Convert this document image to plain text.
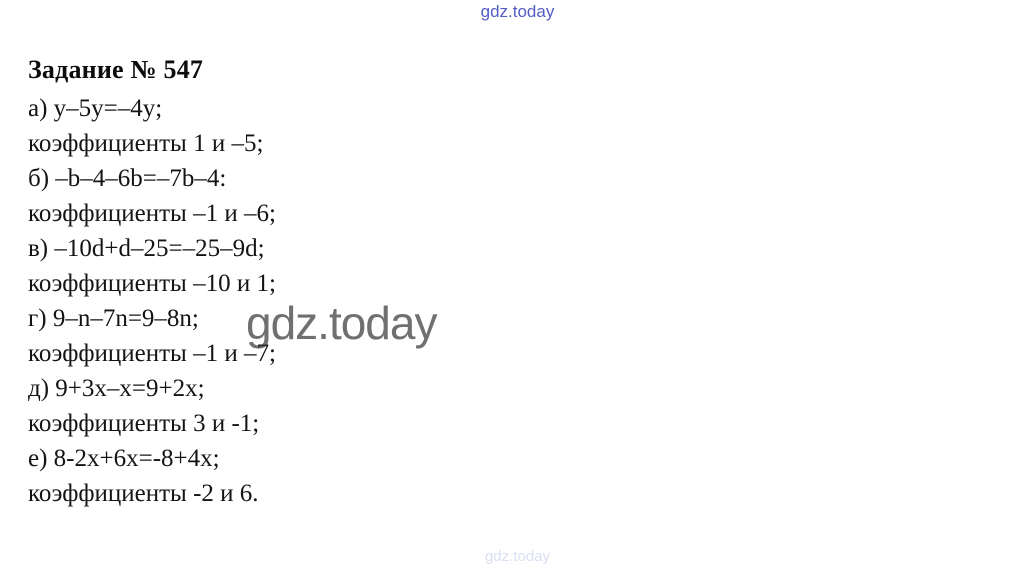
gdz.today
Задание № 547
а) y–5y=–4y;
коэффициенты 1 и –5;
б) –b–4–6b=–7b–4:
коэффициенты –1 и –6;
в) –10d+d–25=–25–9d;
коэффициенты –10 и 1;
г) 9–n–7n=9–8n;
коэффициенты –1 и –7;
д) 9+3x–x=9+2x;
коэффициенты 3 и -1;
е) 8-2x+6x=-8+4x;
коэффициенты -2 и 6.
gdz.today
gdz.today
